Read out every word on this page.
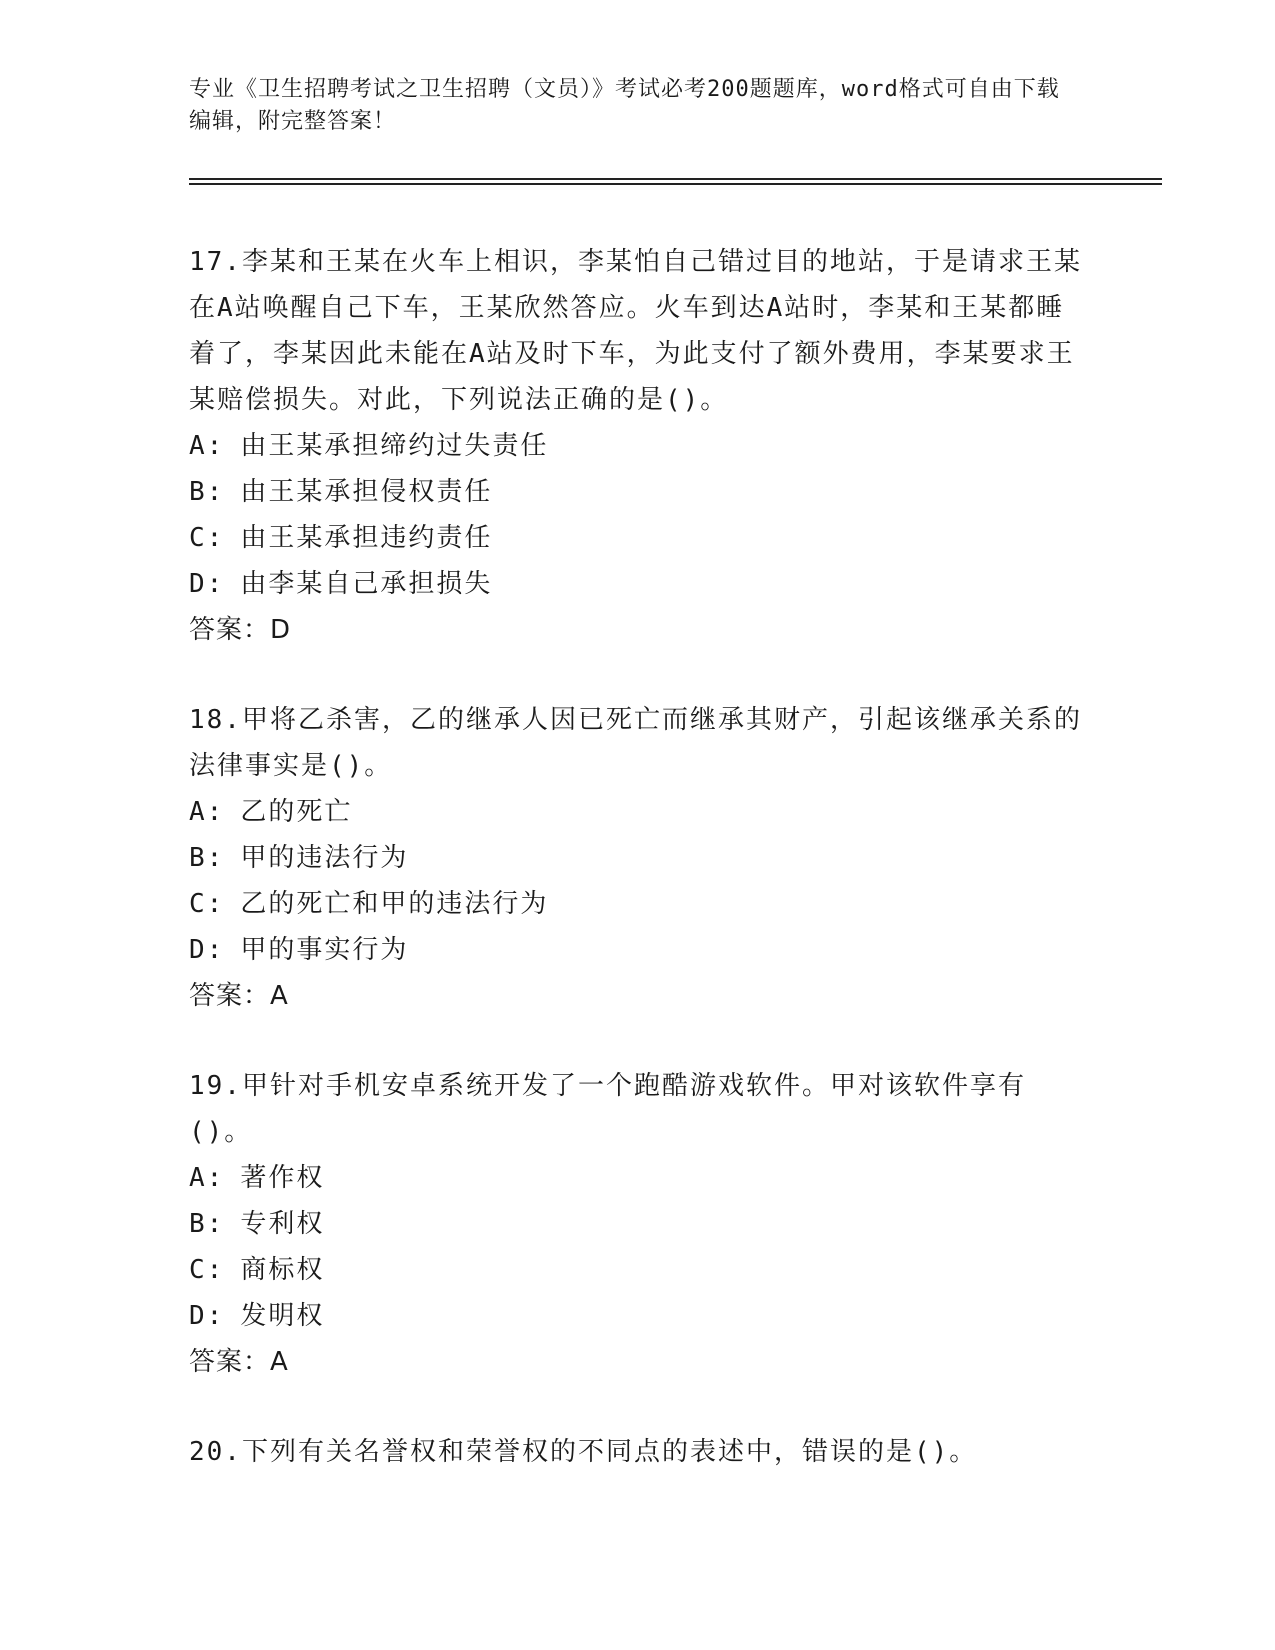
专业《卫生招聘考试之卫生招聘（文员）》考试必考200题题库，word格式可自由下载编辑，附完整答案！

17.李某和王某在火车上相识，李某怕自己错过目的地站，于是请求王某在A站唤醒自己下车，王某欣然答应。火车到达A站时，李某和王某都睡着了，李某因此未能在A站及时下车，为此支付了额外费用，李某要求王某赔偿损失。对此，下列说法正确的是()。

A: 由王某承担缔约过失责任

B: 由王某承担侵权责任

C: 由王某承担违约责任

D: 由李某自己承担损失

答案：D

18.甲将乙杀害，乙的继承人因已死亡而继承其财产，引起该继承关系的法律事实是()。

A: 乙的死亡

B: 甲的违法行为

C: 乙的死亡和甲的违法行为

D: 甲的事实行为

答案：A

19.甲针对手机安卓系统开发了一个跑酷游戏软件。甲对该软件享有()。

A: 著作权

B: 专利权

C: 商标权

D: 发明权

答案：A

20.下列有关名誉权和荣誉权的不同点的表述中，错误的是()。
